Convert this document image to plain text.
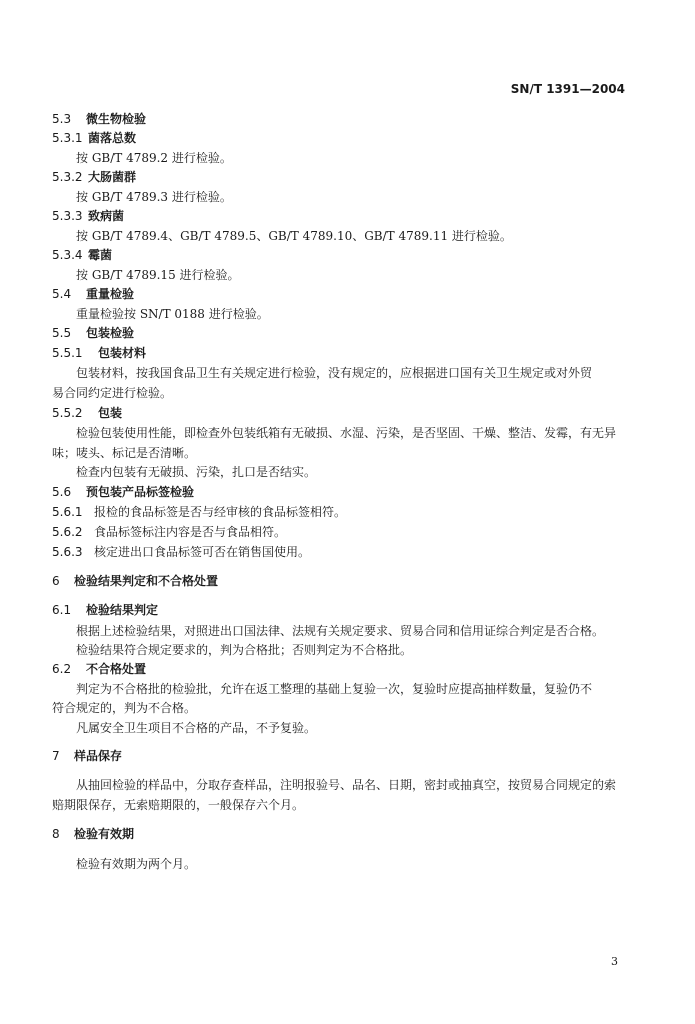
SN/T 1391—2004
5.3 微生物检验
5.3.1 菌落总数
按 GB/T 4789.2 进行检验。
5.3.2 大肠菌群
按 GB/T 4789.3 进行检验。
5.3.3 致病菌
按 GB/T 4789.4、GB/T 4789.5、GB/T 4789.10、GB/T 4789.11 进行检验。
5.3.4 霉菌
按 GB/T 4789.15 进行检验。
5.4 重量检验
重量检验按 SN/T 0188 进行检验。
5.5 包装检验
5.5.1 包装材料
包装材料，按我国食品卫生有关规定进行检验，没有规定的，应根据进口国有关卫生规定或对外贸
易合同约定进行检验。
5.5.2 包装
检验包装使用性能，即检查外包装纸箱有无破损、水湿、污染，是否坚固、干燥、整洁、发霉，有无异
味；唛头、标记是否清晰。
检查内包装有无破损、污染，扎口是否结实。
5.6 预包装产品标签检验
5.6.1 报检的食品标签是否与经审核的食品标签相符。
5.6.2 食品标签标注内容是否与食品相符。
5.6.3 核定进出口食品标签可否在销售国使用。
6 检验结果判定和不合格处置
6.1 检验结果判定
根据上述检验结果，对照进出口国法律、法规有关规定要求、贸易合同和信用证综合判定是否合格。
检验结果符合规定要求的，判为合格批；否则判定为不合格批。
6.2 不合格处置
判定为不合格批的检验批，允许在返工整理的基础上复验一次，复验时应提高抽样数量，复验仍不
符合规定的，判为不合格。
凡属安全卫生项目不合格的产品，不予复验。
7 样品保存
从抽回检验的样品中，分取存查样品，注明报验号、品名、日期，密封或抽真空，按贸易合同规定的索
赔期限保存，无索赔期限的，一般保存六个月。
8 检验有效期
检验有效期为两个月。
3
